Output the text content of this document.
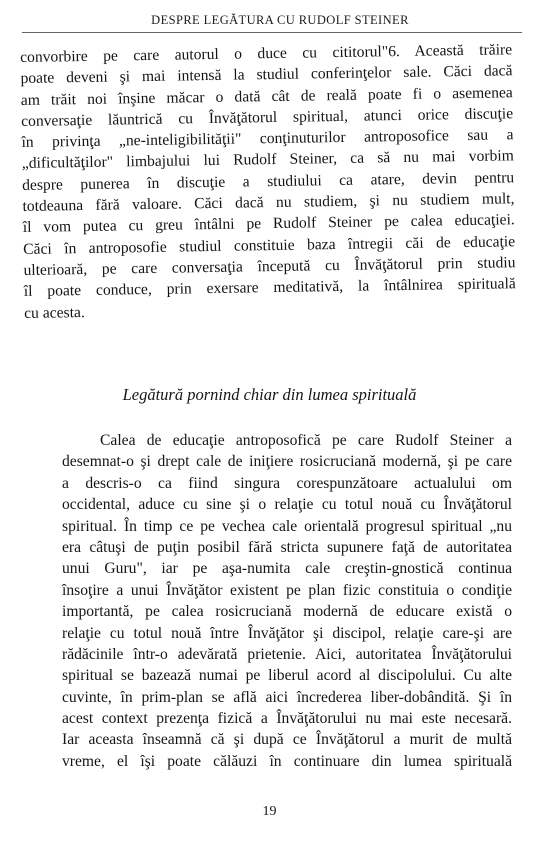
DESPRE LEGĂTURA CU RUDOLF STEINER
convorbire pe care autorul o duce cu cititorul"6. Această trăire
poate deveni şi mai intensă la studiul conferinţelor sale. Căci dacă
am trăit noi înşine măcar o dată cât de reală poate fi o asemenea
conversaţie lăuntrică cu Învăţătorul spiritual, atunci orice discuţie
în privinţa „ne-inteligibilităţii" conţinuturilor antroposofice sau a
„dificultăţilor" limbajului lui Rudolf Steiner, ca să nu mai vorbim
despre punerea în discuţie a studiului ca atare, devin pentru
totdeauna fără valoare. Căci dacă nu studiem, şi nu studiem mult,
îl vom putea cu greu întâlni pe Rudolf Steiner pe calea educaţiei.
Căci în antroposofie studiul constituie baza întregii căi de educaţie
ulterioară, pe care conversaţia începută cu Învăţătorul prin studiu
îl poate conduce, prin exersare meditativă, la întâlnirea spirituală
cu acesta.
Legătură pornind chiar din lumea spirituală
Calea de educaţie antroposofică pe care Rudolf Steiner a
desemnat-o şi drept cale de iniţiere rosicruciană modernă, şi pe care
a descris-o ca fiind singura corespunzătoare actualului om
occidental, aduce cu sine şi o relaţie cu totul nouă cu Învăţătorul
spiritual. În timp ce pe vechea cale orientală progresul spiritual „nu
era câtuşi de puţin posibil fără stricta supunere faţă de autoritatea
unui Guru", iar pe aşa-numita cale creştin-gnostică continua
însoţire a unui Învăţător existent pe plan fizic constituia o condiţie
importantă, pe calea rosicruciană modernă de educare există o
relaţie cu totul nouă între Învăţător şi discipol, relaţie care-şi are
rădăcinile într-o adevărată prietenie. Aici, autoritatea Învăţătorului
spiritual se bazează numai pe liberul acord al discipolului. Cu alte
cuvinte, în prim-plan se află aici încrederea liber-dobândită. Şi în
acest context prezenţa fizică a Învăţătorului nu mai este necesară.
Iar aceasta înseamnă că şi după ce Învăţătorul a murit de multă
vreme, el îşi poate călăuzi în continuare din lumea spirituală
19
